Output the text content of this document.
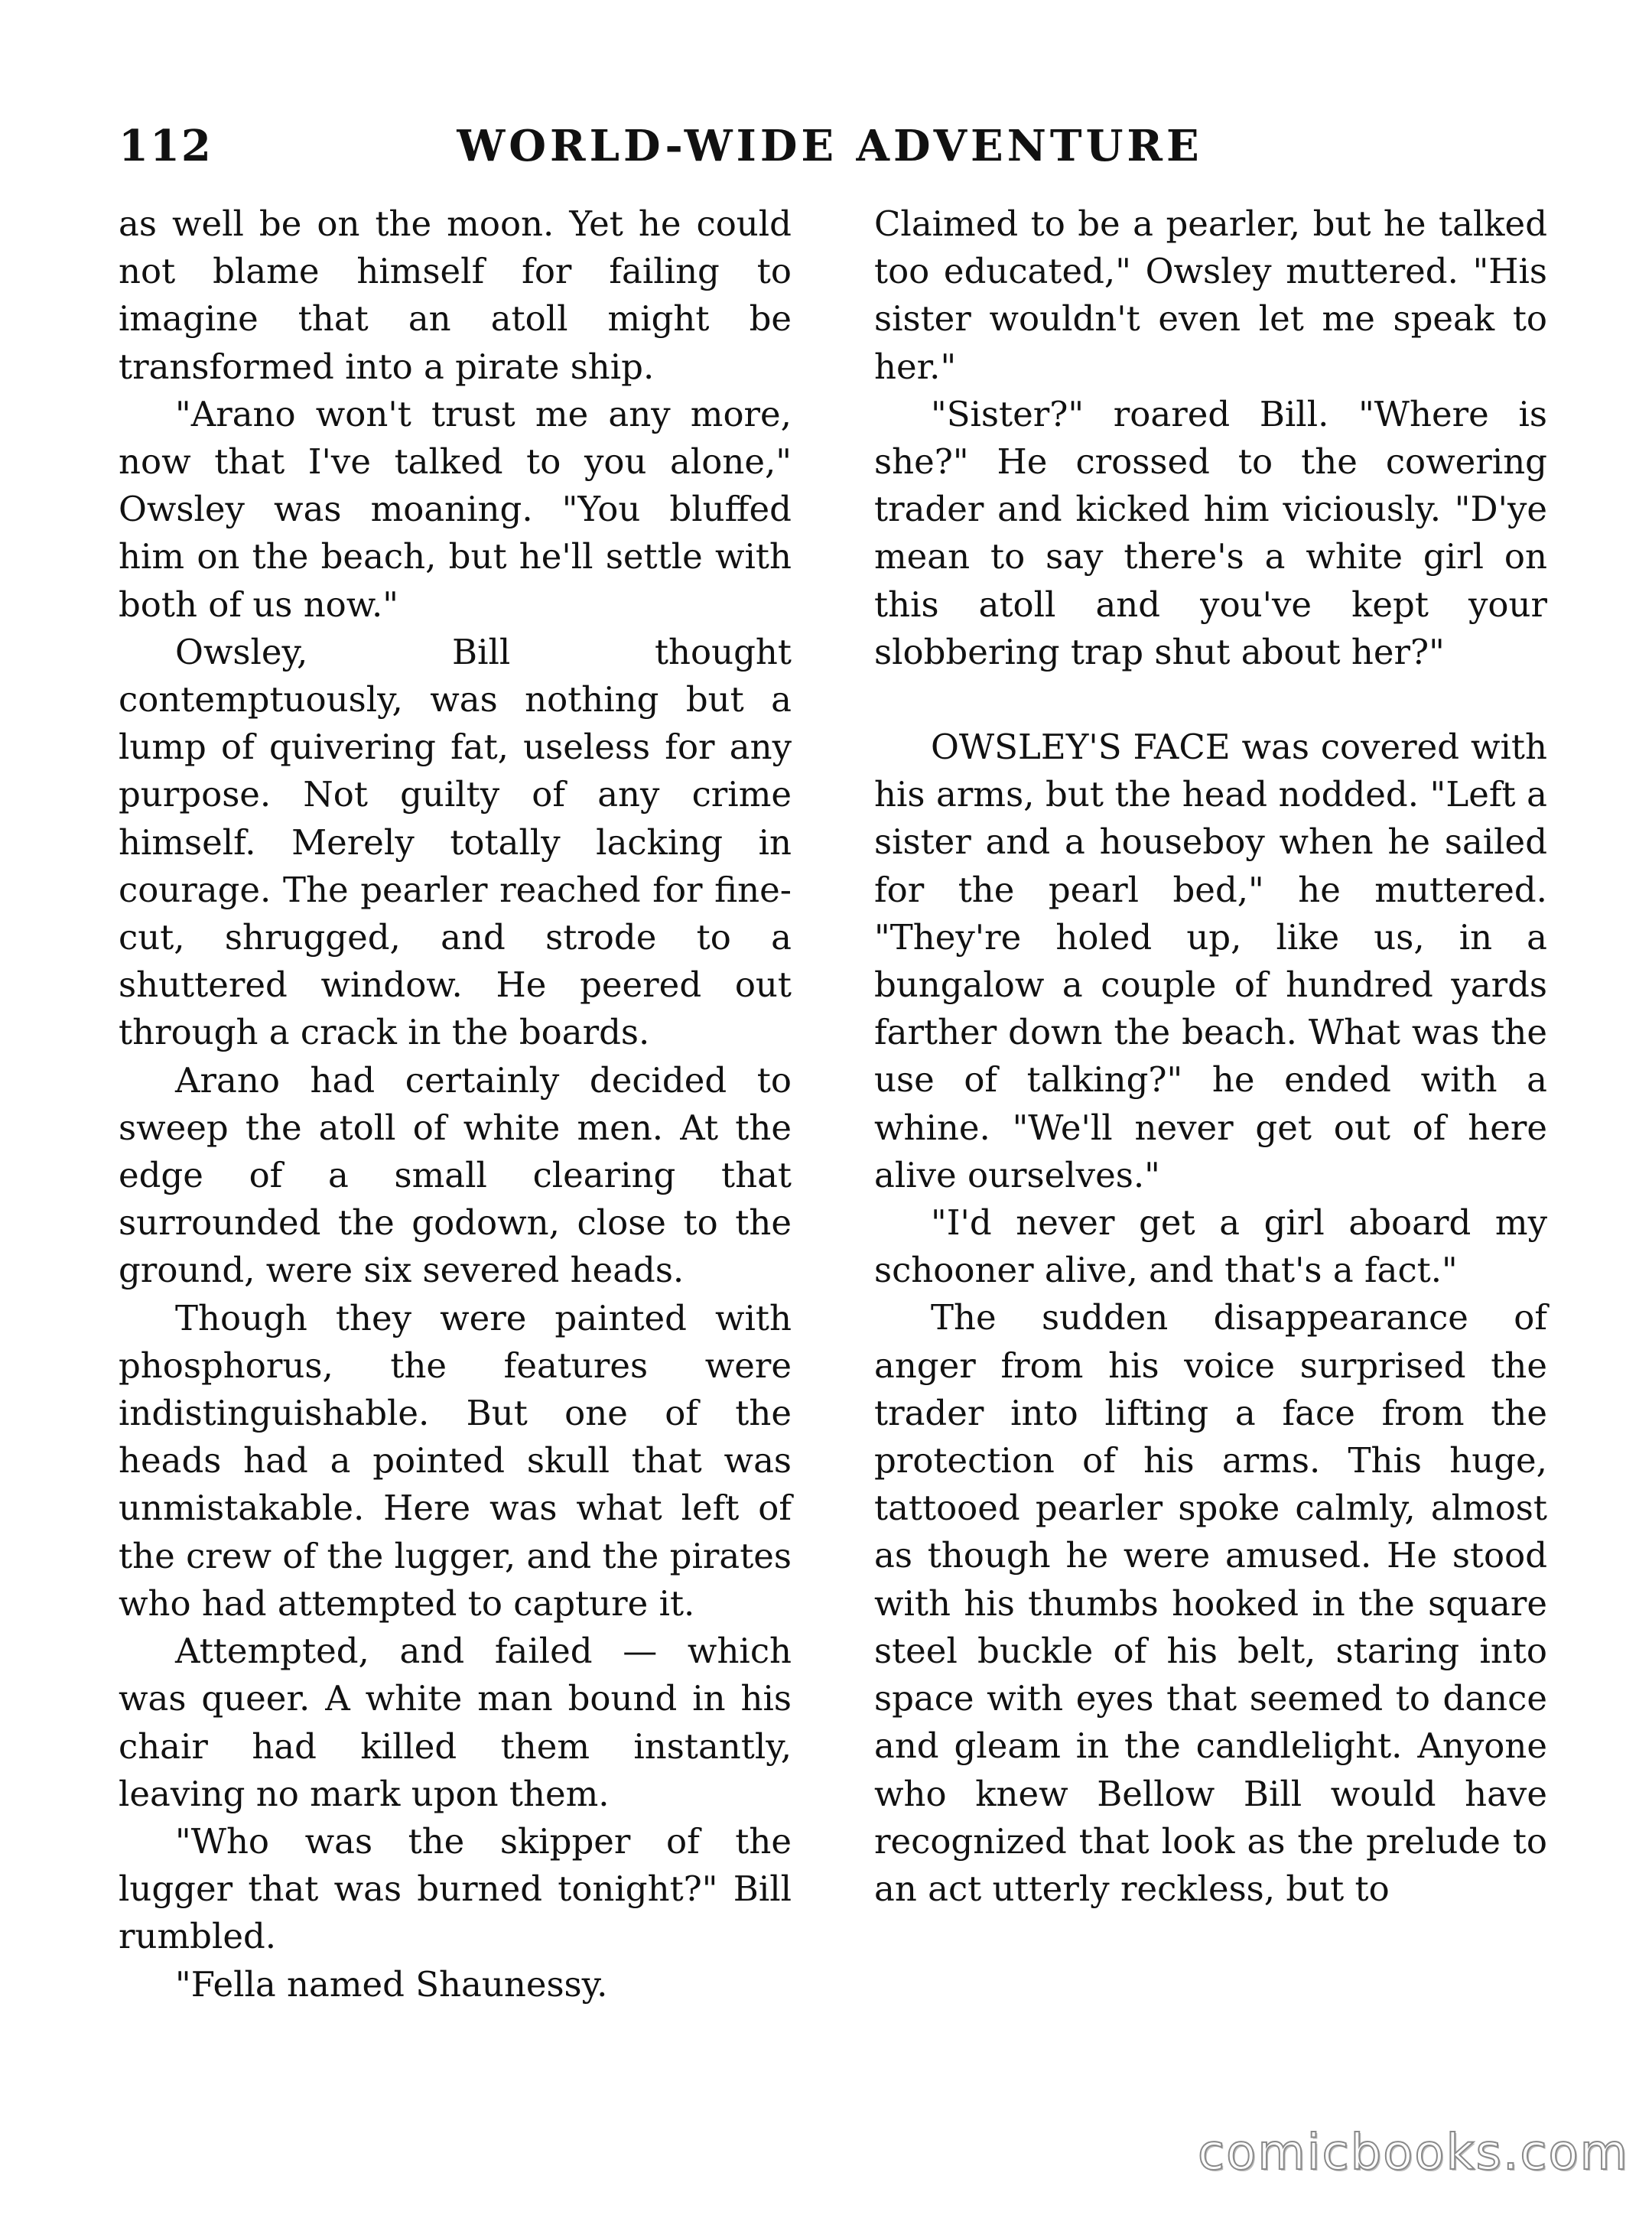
112	WORLD-WIDE ADVENTURE

as well be on the moon. Yet he could not blame himself for failing to imagine that an atoll might be transformed into a pirate ship.

"Arano won't trust me any more, now that I've talked to you alone," Owsley was moaning. "You bluffed him on the beach, but he'll settle with both of us now."

Owsley, Bill thought contemptuously, was nothing but a lump of quivering fat, useless for any purpose. Not guilty of any crime himself. Merely totally lacking in courage. The pearler reached for fine-cut, shrugged, and strode to a shuttered window. He peered out through a crack in the boards.

Arano had certainly decided to sweep the atoll of white men. At the edge of a small clearing that surrounded the godown, close to the ground, were six severed heads.

Though they were painted with phosphorus, the features were indistinguishable. But one of the heads had a pointed skull that was unmistakable. Here was what left of the crew of the lugger, and the pirates who had attempted to capture it.

Attempted, and failed — which was queer. A white man bound in his chair had killed them instantly, leaving no mark upon them.

"Who was the skipper of the lugger that was burned tonight?" Bill rumbled.

"Fella named Shaunessy.

Claimed to be a pearler, but he talked too educated," Owsley muttered. "His sister wouldn't even let me speak to her."

"Sister?" roared Bill. "Where is she?" He crossed to the cowering trader and kicked him viciously. "D'ye mean to say there's a white girl on this atoll and you've kept your slobbering trap shut about her?"

OWSLEY'S FACE was covered with his arms, but the head nodded. "Left a sister and a houseboy when he sailed for the pearl bed," he muttered. "They're holed up, like us, in a bungalow a couple of hundred yards farther down the beach. What was the use of talking?" he ended with a whine. "We'll never get out of here alive ourselves."

"I'd never get a girl aboard my schooner alive, and that's a fact."

The sudden disappearance of anger from his voice surprised the trader into lifting a face from the protection of his arms. This huge, tattooed pearler spoke calmly, almost as though he were amused. He stood with his thumbs hooked in the square steel buckle of his belt, staring into space with eyes that seemed to dance and gleam in the candlelight. Anyone who knew Bellow Bill would have recognized that look as the prelude to an act utterly reckless, but to

comicbooks.com
